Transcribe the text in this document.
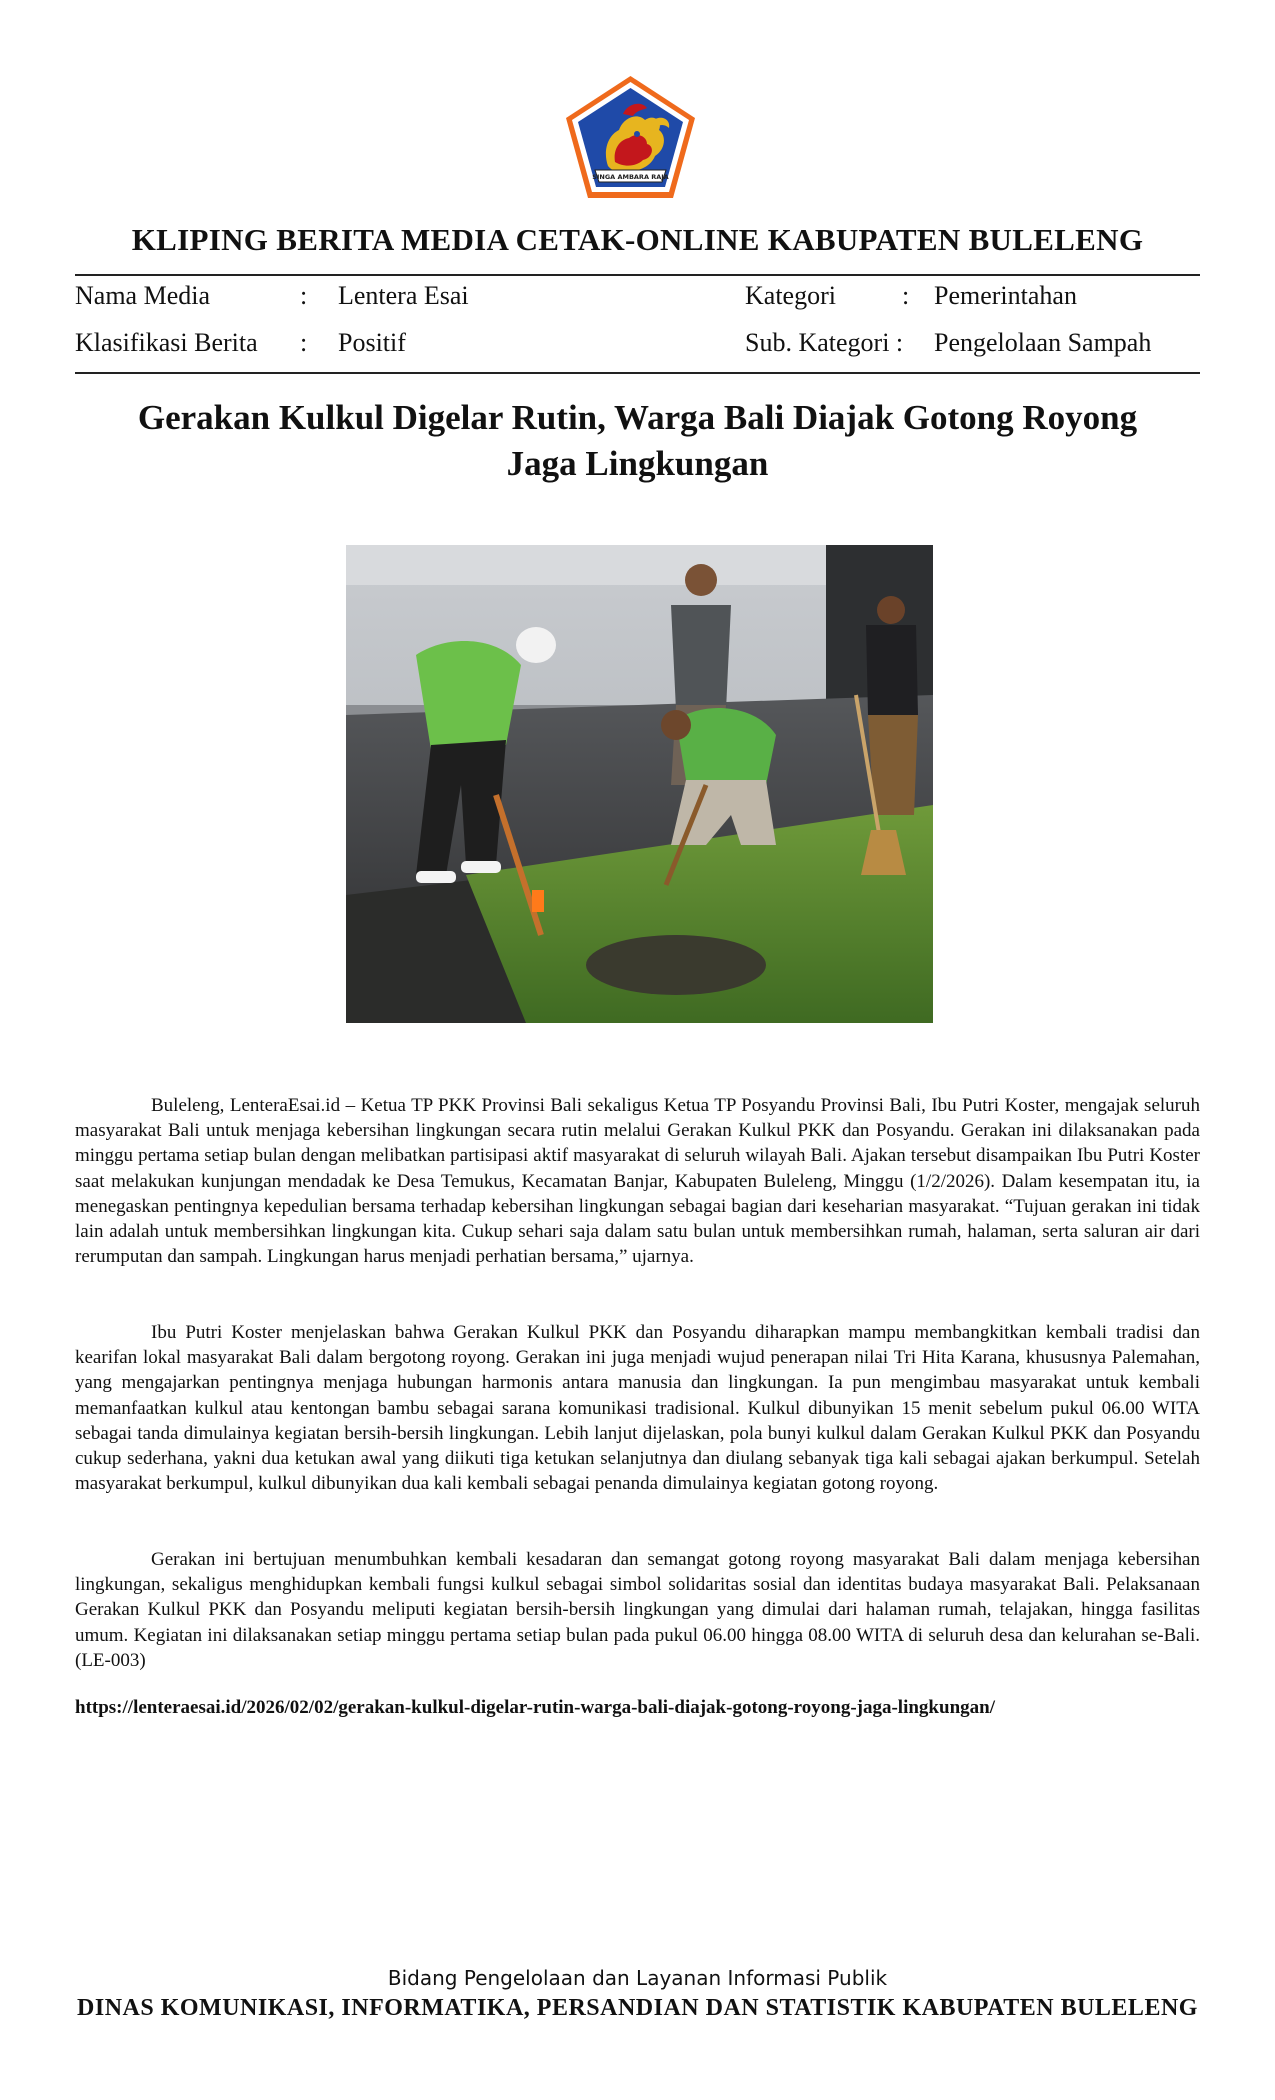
SINGA AMBARA RAJA
KLIPING BERITA MEDIA CETAK-ONLINE KABUPATEN BULELENG
Nama Media	: Lentera Esai	Kategori	: Pemerintahan
Klasifikasi Berita : Positif	Sub. Kategori : Pengelolaan Sampah
Gerakan Kulkul Digelar Rutin, Warga Bali Diajak Gotong Royong
Jaga Lingkungan

Buleleng, LenteraEsai.id – Ketua TP PKK Provinsi Bali sekaligus Ketua TP Posyandu Provinsi Bali, Ibu Putri Koster, mengajak seluruh masyarakat Bali untuk menjaga kebersihan lingkungan secara rutin melalui Gerakan Kulkul PKK dan Posyandu. Gerakan ini dilaksanakan pada minggu pertama setiap bulan dengan melibatkan partisipasi aktif masyarakat di seluruh wilayah Bali. Ajakan tersebut disampaikan Ibu Putri Koster saat melakukan kunjungan mendadak ke Desa Temukus, Kecamatan Banjar, Kabupaten Buleleng, Minggu (1/2/2026). Dalam kesempatan itu, ia menegaskan pentingnya kepedulian bersama terhadap kebersihan lingkungan sebagai bagian dari keseharian masyarakat. “Tujuan gerakan ini tidak lain adalah untuk membersihkan lingkungan kita. Cukup sehari saja dalam satu bulan untuk membersihkan rumah, halaman, serta saluran air dari rerumputan dan sampah. Lingkungan harus menjadi perhatian bersama,” ujarnya.

Ibu Putri Koster menjelaskan bahwa Gerakan Kulkul PKK dan Posyandu diharapkan mampu membangkitkan kembali tradisi dan kearifan lokal masyarakat Bali dalam bergotong royong. Gerakan ini juga menjadi wujud penerapan nilai Tri Hita Karana, khususnya Palemahan, yang mengajarkan pentingnya menjaga hubungan harmonis antara manusia dan lingkungan. Ia pun mengimbau masyarakat untuk kembali memanfaatkan kulkul atau kentongan bambu sebagai sarana komunikasi tradisional. Kulkul dibunyikan 15 menit sebelum pukul 06.00 WITA sebagai tanda dimulainya kegiatan bersih-bersih lingkungan. Lebih lanjut dijelaskan, pola bunyi kulkul dalam Gerakan Kulkul PKK dan Posyandu cukup sederhana, yakni dua ketukan awal yang diikuti tiga ketukan selanjutnya dan diulang sebanyak tiga kali sebagai ajakan berkumpul. Setelah masyarakat berkumpul, kulkul dibunyikan dua kali kembali sebagai penanda dimulainya kegiatan gotong royong.

Gerakan ini bertujuan menumbuhkan kembali kesadaran dan semangat gotong royong masyarakat Bali dalam menjaga kebersihan lingkungan, sekaligus menghidupkan kembali fungsi kulkul sebagai simbol solidaritas sosial dan identitas budaya masyarakat Bali. Pelaksanaan Gerakan Kulkul PKK dan Posyandu meliputi kegiatan bersih-bersih lingkungan yang dimulai dari halaman rumah, telajakan, hingga fasilitas umum. Kegiatan ini dilaksanakan setiap minggu pertama setiap bulan pada pukul 06.00 hingga 08.00 WITA di seluruh desa dan kelurahan se-Bali. (LE-003)

https://lenteraesai.id/2026/02/02/gerakan-kulkul-digelar-rutin-warga-bali-diajak-gotong-royong-jaga-lingkungan/
Bidang Pengelolaan dan Layanan Informasi Publik
DINAS KOMUNIKASI, INFORMATIKA, PERSANDIAN DAN STATISTIK KABUPATEN BULELENG
